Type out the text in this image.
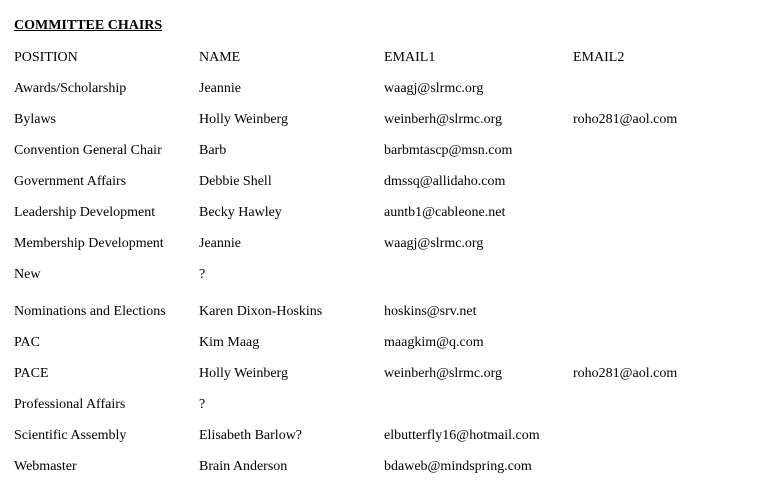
COMMITTEE CHAIRS
POSITION	NAME	EMAIL1	EMAIL2
Awards/Scholarship	Jeannie	waagj@slrmc.org
Bylaws	Holly Weinberg	weinberh@slrmc.org	roho281@aol.com
Convention General Chair	Barb	barbmtascp@msn.com
Government Affairs	Debbie Shell	dmssq@allidaho.com
Leadership Development	Becky Hawley	auntb1@cableone.net
Membership Development	Jeannie	waagj@slrmc.org
New	?
Nominations and Elections	Karen Dixon-Hoskins	hoskins@srv.net
PAC	Kim Maag	maagkim@q.com
PACE	Holly Weinberg	weinberh@slrmc.org	roho281@aol.com
Professional Affairs	?
Scientific Assembly	Elisabeth Barlow?	elbutterfly16@hotmail.com
Webmaster	Brain Anderson	bdaweb@mindspring.com
